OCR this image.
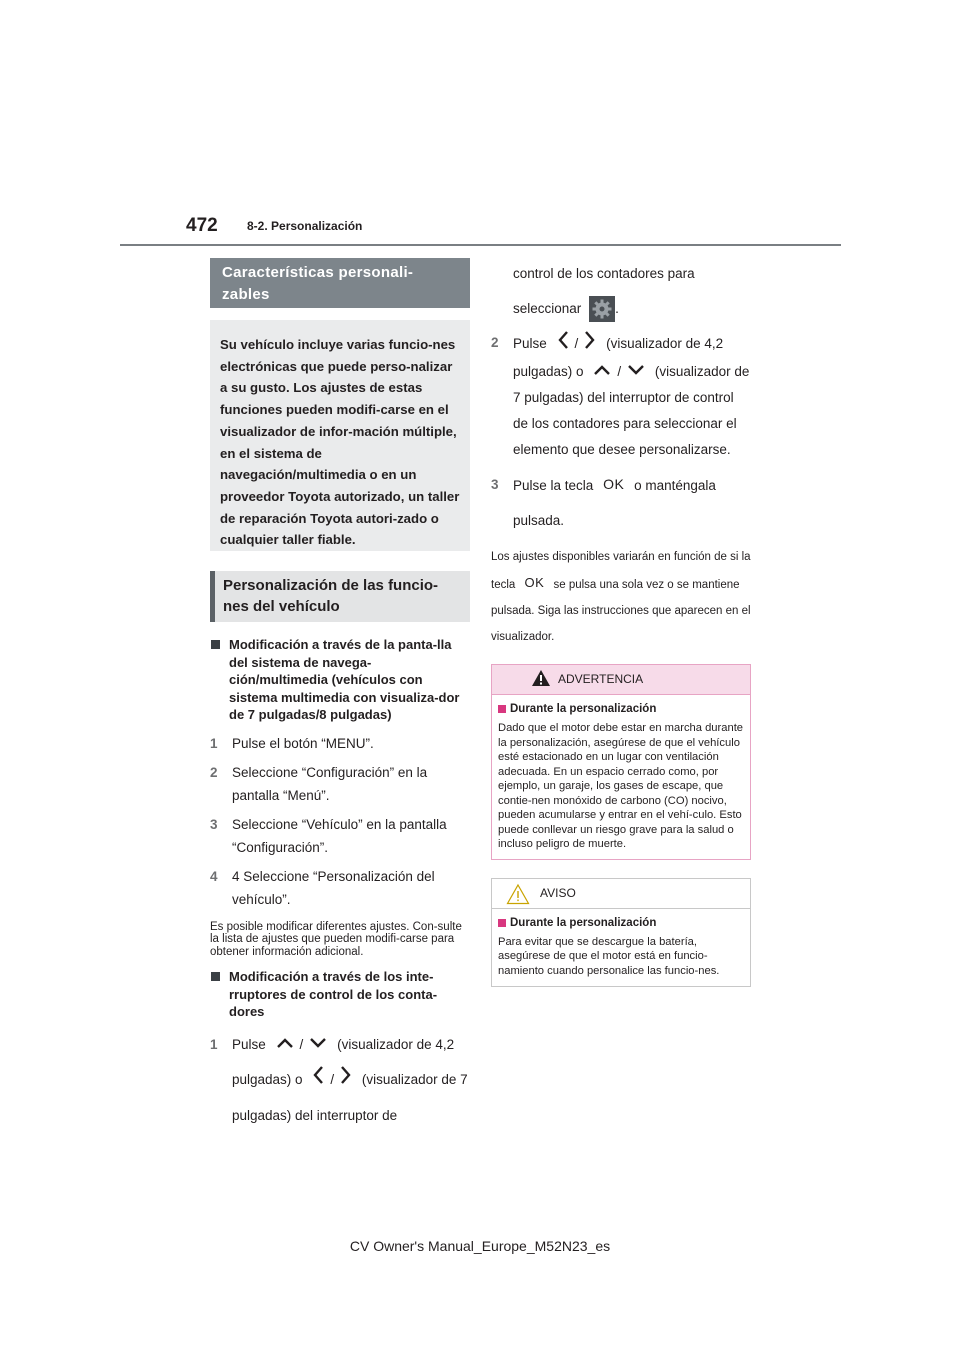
472 8-2. Personalización
Características personali-zables
Su vehículo incluye varias funcio-nes electrónicas que puede perso-nalizar a su gusto. Los ajustes de estas funciones pueden modifi-carse en el visualizador de infor-mación múltiple, en el sistema de navegación/multimedia o en un proveedor Toyota autorizado, un taller de reparación Toyota autori-zado o cualquier taller fiable.
Personalización de las funcio-nes del vehículo
Modificación a través de la panta-lla del sistema de navega-ción/multimedia (vehículos con sistema multimedia con visualiza-dor de 7 pulgadas/8 pulgadas)
1	Pulse el botón “MENU”.
2	Seleccione “Configuración” en la pantalla “Menú”.
3	Seleccione “Vehículo” en la pantalla “Configuración”.
4	4 Seleccione “Personalización del vehículo”.
Es posible modificar diferentes ajustes. Con-sulte la lista de ajustes que pueden modifi-carse para obtener información adicional.
Modificación a través de los inte-rruptores de control de los conta-dores
1	Pulse	/	(visualizador de 4,2 pulgadas) o / (visualizador de 7 pulgadas) del interruptor de
control de los contadores para seleccionar	.
2	Pulse / (visualizador de 4,2 pulgadas) o	/	(visualizador de 7 pulgadas) del interruptor de control de los contadores para seleccionar el elemento que desee personalizarse.
3	Pulse la tecla OK o manténgala pulsada.
Los ajustes disponibles variarán en función de si la tecla OK se pulsa una sola vez o se mantiene pulsada. Siga las instrucciones que aparecen en el visualizador.
ADVERTENCIA
Durante la personalización
Dado que el motor debe estar en marcha durante la personalización, asegúrese de que el vehículo esté estacionado en un lugar con ventilación adecuada. En un espacio cerrado como, por ejemplo, un garaje, los gases de escape, que contie-nen monóxido de carbono (CO) nocivo, pueden acumularse y entrar en el vehí-culo. Esto puede conllevar un riesgo grave para la salud o incluso peligro de muerte.
AVISO
Durante la personalización
Para evitar que se descargue la batería, asegúrese de que el motor está en funcio-namiento cuando personalice las funcio-nes.
CV Owner's Manual_Europe_M52N23_es
